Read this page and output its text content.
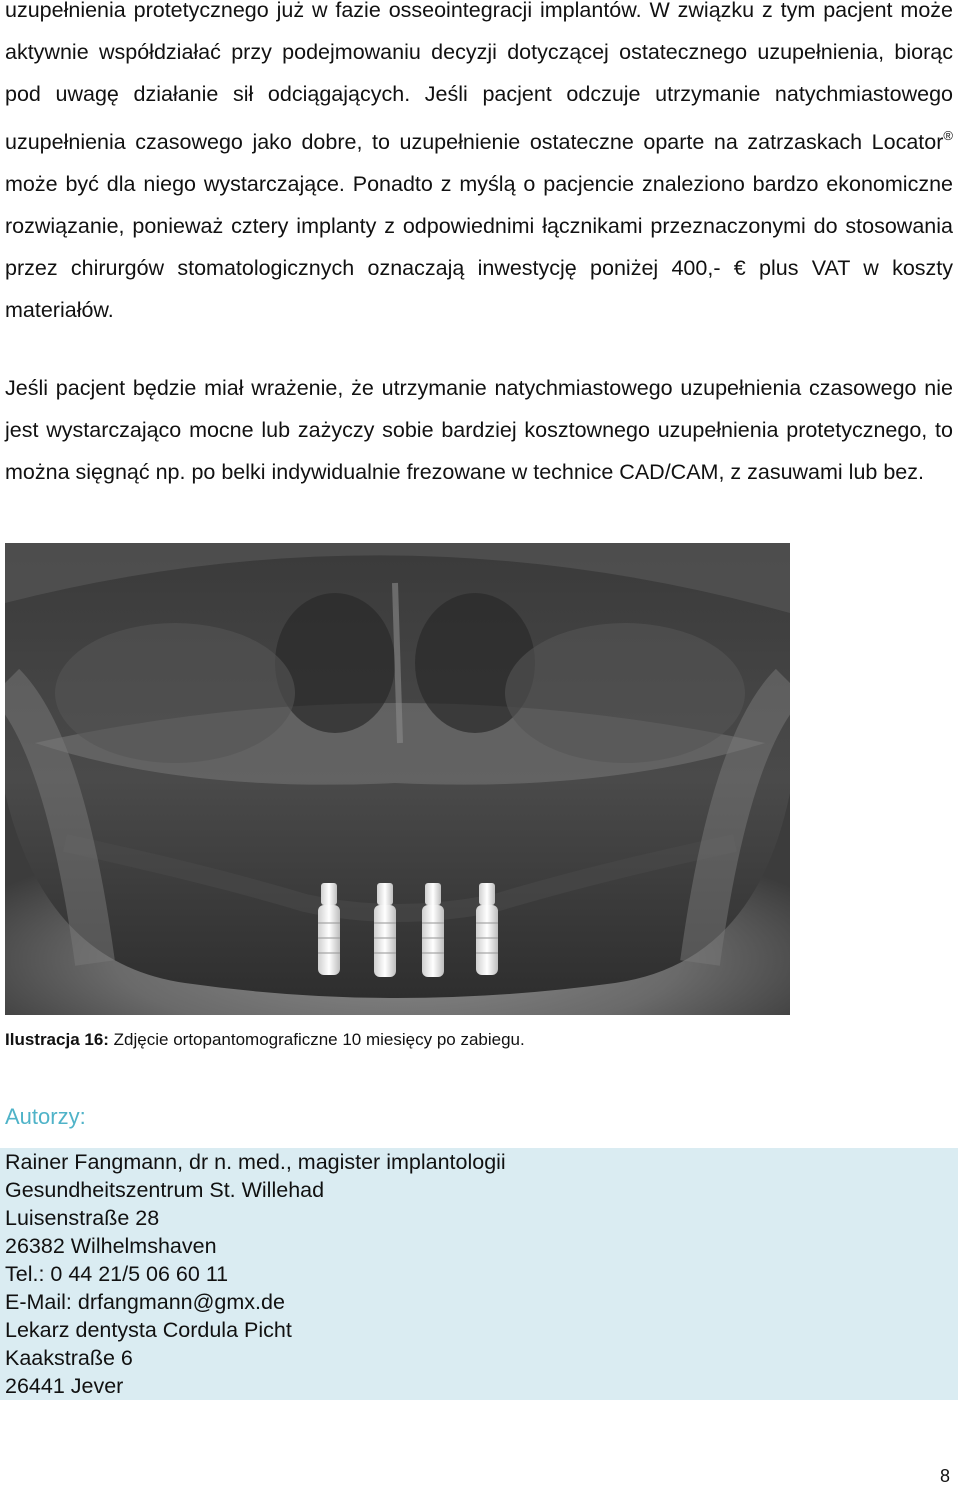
uzupełnienia protetycznego już w fazie osseointegracji implantów. W związku z tym pacjent może aktywnie współdziałać przy podejmowaniu decyzji dotyczącej ostatecznego uzupełnienia, biorąc pod uwagę działanie sił odciągających. Jeśli pacjent odczuje utrzymanie natychmiastowego uzupełnienia czasowego jako dobre, to uzupełnienie ostateczne oparte na zatrzaskach Locator® może być dla niego wystarczające. Ponadto z myślą o pacjencie znaleziono bardzo ekonomiczne rozwiązanie, ponieważ cztery implanty z odpowiednimi łącznikami przeznaczonymi do stosowania przez chirurgów stomatologicznych oznaczają inwestycję poniżej 400,- € plus VAT w koszty materiałów.
Jeśli pacjent będzie miał wrażenie, że utrzymanie natychmiastowego uzupełnienia czasowego nie jest wystarczająco mocne lub zażyczy sobie bardziej kosztownego uzupełnienia protetycznego, to można sięgnąć np. po belki indywidualnie frezowane w technice CAD/CAM, z zasuwami lub bez.
Ilustracja 16: Zdjęcie ortopantomograficzne 10 miesięcy po zabiegu.
Autorzy:
Rainer Fangmann, dr n. med., magister implantologii
Gesundheitszentrum St. Willehad
Luisenstraße 28
26382 Wilhelmshaven
Tel.: 0 44 21/5 06 60 11
E-Mail: drfangmann@gmx.de
Lekarz dentysta Cordula Picht
Kaakstraße 6
26441 Jever
8
